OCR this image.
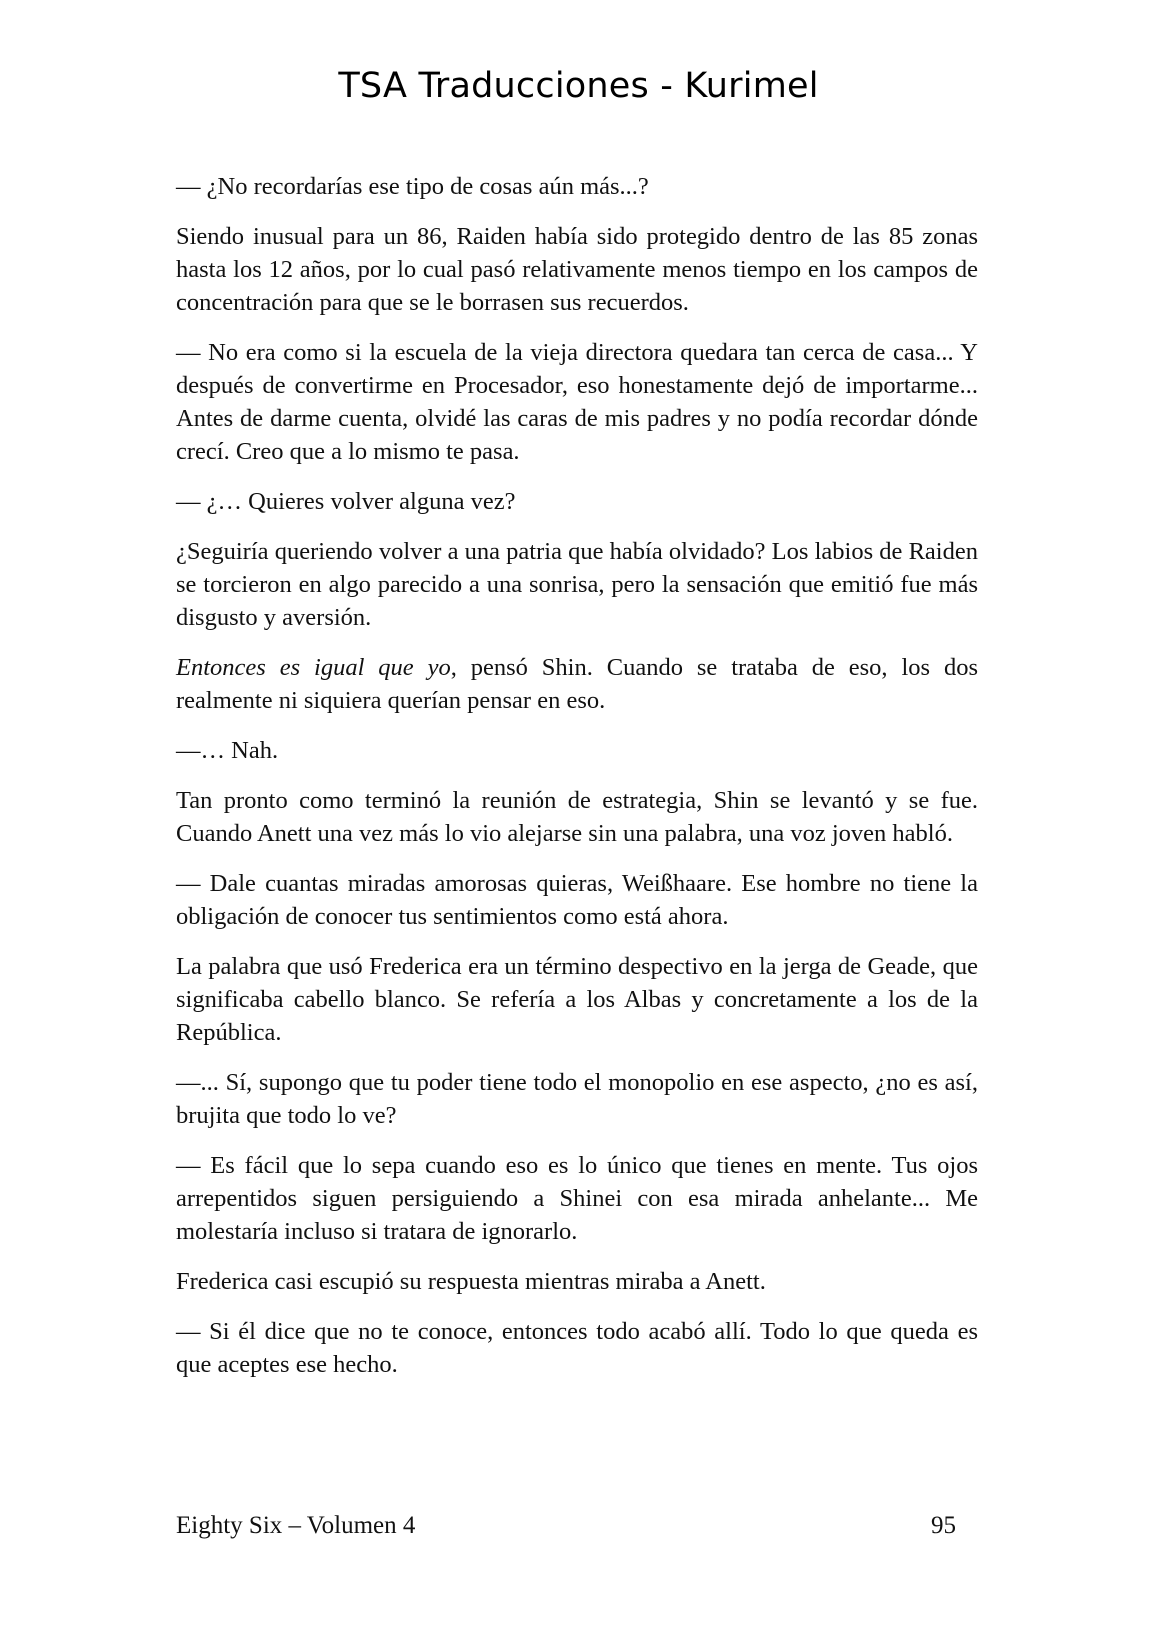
TSA Traducciones - Kurimel

— ¿No recordarías ese tipo de cosas aún más...?

Siendo inusual para un 86, Raiden había sido protegido dentro de las 85 zonas hasta los 12 años, por lo cual pasó relativamente menos tiempo en los campos de concentración para que se le borrasen sus recuerdos.

— No era como si la escuela de la vieja directora quedara tan cerca de casa... Y después de convertirme en Procesador, eso honestamente dejó de importarme... Antes de darme cuenta, olvidé las caras de mis padres y no podía recordar dónde crecí. Creo que a lo mismo te pasa.

— ¿… Quieres volver alguna vez?

¿Seguiría queriendo volver a una patria que había olvidado? Los labios de Raiden se torcieron en algo parecido a una sonrisa, pero la sensación que emitió fue más disgusto y aversión.

Entonces es igual que yo, pensó Shin. Cuando se trataba de eso, los dos realmente ni siquiera querían pensar en eso.

—… Nah.

Tan pronto como terminó la reunión de estrategia, Shin se levantó y se fue. Cuando Anett una vez más lo vio alejarse sin una palabra, una voz joven habló.

— Dale cuantas miradas amorosas quieras, Weißhaare. Ese hombre no tiene la obligación de conocer tus sentimientos como está ahora.

La palabra que usó Frederica era un término despectivo en la jerga de Geade, que significaba cabello blanco. Se refería a los Albas y concretamente a los de la República.

—... Sí, supongo que tu poder tiene todo el monopolio en ese aspecto, ¿no es así, brujita que todo lo ve?

— Es fácil que lo sepa cuando eso es lo único que tienes en mente. Tus ojos arrepentidos siguen persiguiendo a Shinei con esa mirada anhelante... Me molestaría incluso si tratara de ignorarlo.

Frederica casi escupió su respuesta mientras miraba a Anett.

— Si él dice que no te conoce, entonces todo acabó allí. Todo lo que queda es que aceptes ese hecho.

Eighty Six – Volumen 4	95
